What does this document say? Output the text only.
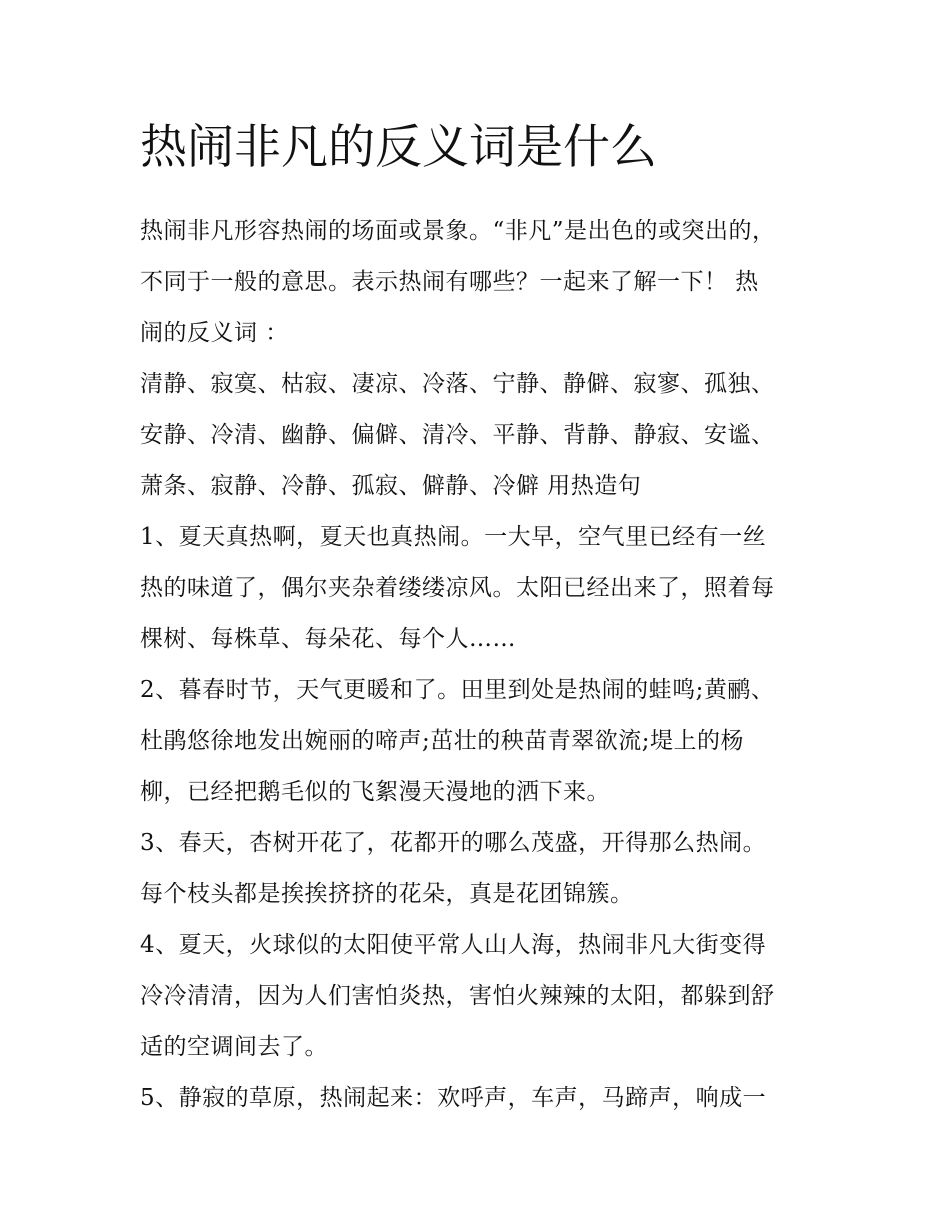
热闹非凡的反义词是什么
热闹非凡形容热闹的场面或景象。“非凡”是出色的或突出的，
不同于一般的意思。表示热闹有哪些？一起来了解一下！ 热
闹的反义词 ：
清静、寂寞、枯寂、凄凉、冷落、宁静、静僻、寂寥、孤独、
安静、冷清、幽静、偏僻、清冷、平静、背静、静寂、安谧、
萧条、寂静、冷静、孤寂、僻静、冷僻 用热造句
1、夏天真热啊，夏天也真热闹。一大早，空气里已经有一丝
热的味道了，偶尔夹杂着缕缕凉风。太阳已经出来了，照着每
棵树、每株草、每朵花、每个人……
2、暮春时节，天气更暖和了。田里到处是热闹的蛙鸣;黄鹂、
杜鹃悠徐地发出婉丽的啼声;茁壮的秧苗青翠欲流;堤上的杨
柳，已经把鹅毛似的飞絮漫天漫地的洒下来。
3、春天，杏树开花了，花都开的哪么茂盛，开得那么热闹。
每个枝头都是挨挨挤挤的花朵，真是花团锦簇。
4、夏天，火球似的太阳使平常人山人海，热闹非凡大街变得
冷冷清清，因为人们害怕炎热，害怕火辣辣的太阳，都躲到舒
适的空调间去了。
5、静寂的草原，热闹起来：欢呼声，车声，马蹄声，响成一
